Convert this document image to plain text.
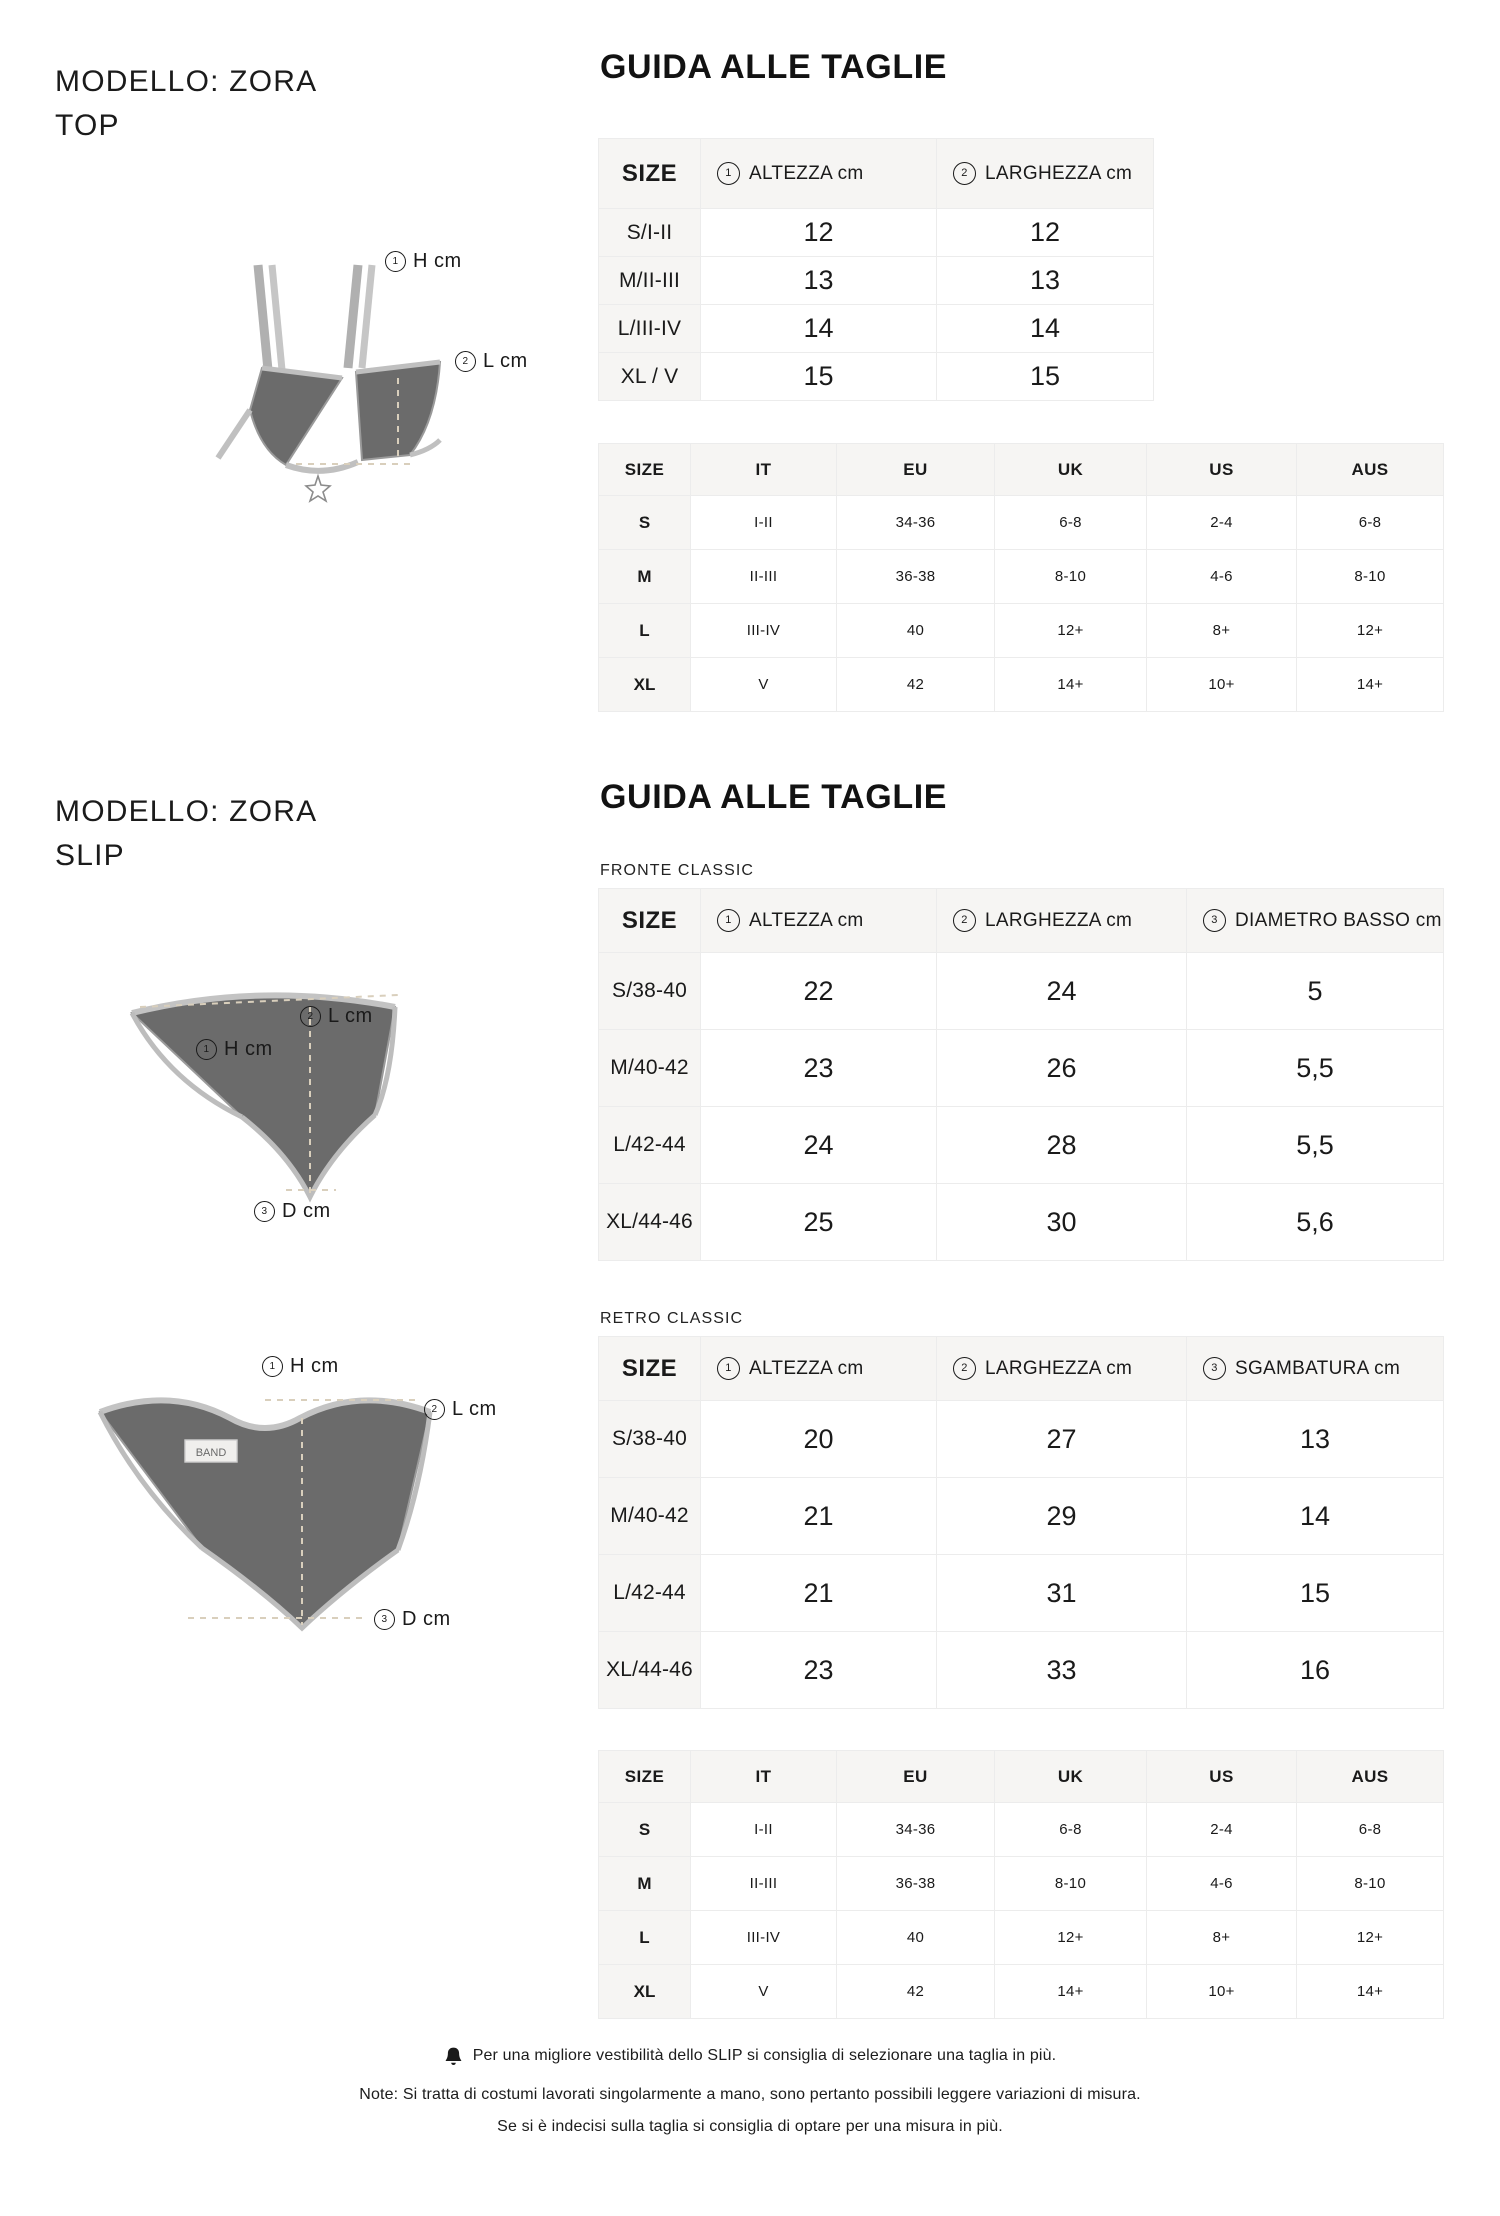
MODELLO: ZORA
TOP
GUIDA ALLE TAGLIE
1 H cm
2 L cm
SIZE	1 ALTEZZA cm	2 LARGHEZZA cm

S/I-II	12	12
M/II-III	13	13
L/III-IV	14	14
XL / V	15	15
SIZE	IT	EU	UK	US	AUS
S	I-II	34-36	6-8	2-4	6-8
M	II-III	36-38	8-10	4-6	8-10
L	III-IV	40	12+	8+	12+
XL	V	42	14+	10+	14+
MODELLO: ZORA
SLIP
GUIDA ALLE TAGLIE
2 L cm
1 H cm
3 D cm
BAND
1 H cm
2 L cm
3 D cm
FRONTE CLASSIC
SIZE	1 ALTEZZA cm	2 LARGHEZZA cm	3 DIAMETRO BASSO cm

S/38-40	22	24	5
M/40-42	23	26	5,5
L/42-44	24	28	5,5
XL/44-46	25	30	5,6
RETRO CLASSIC
SIZE	1 ALTEZZA cm	2 LARGHEZZA cm	3 SGAMBATURA cm

S/38-40	20	27	13
M/40-42	21	29	14
L/42-44	21	31	15
XL/44-46	23	33	16
SIZE	IT	EU	UK	US	AUS
S	I-II	34-36	6-8	2-4	6-8
M	II-III	36-38	8-10	4-6	8-10
L	III-IV	40	12+	8+	12+
XL	V	42	14+	10+	14+
Per una migliore vestibilità dello SLIP si consiglia di selezionare una taglia in più.
Note: Si tratta di costumi lavorati singolarmente a mano, sono pertanto possibili leggere variazioni di misura.
Se si è indecisi sulla taglia si consiglia di optare per una misura in più.
